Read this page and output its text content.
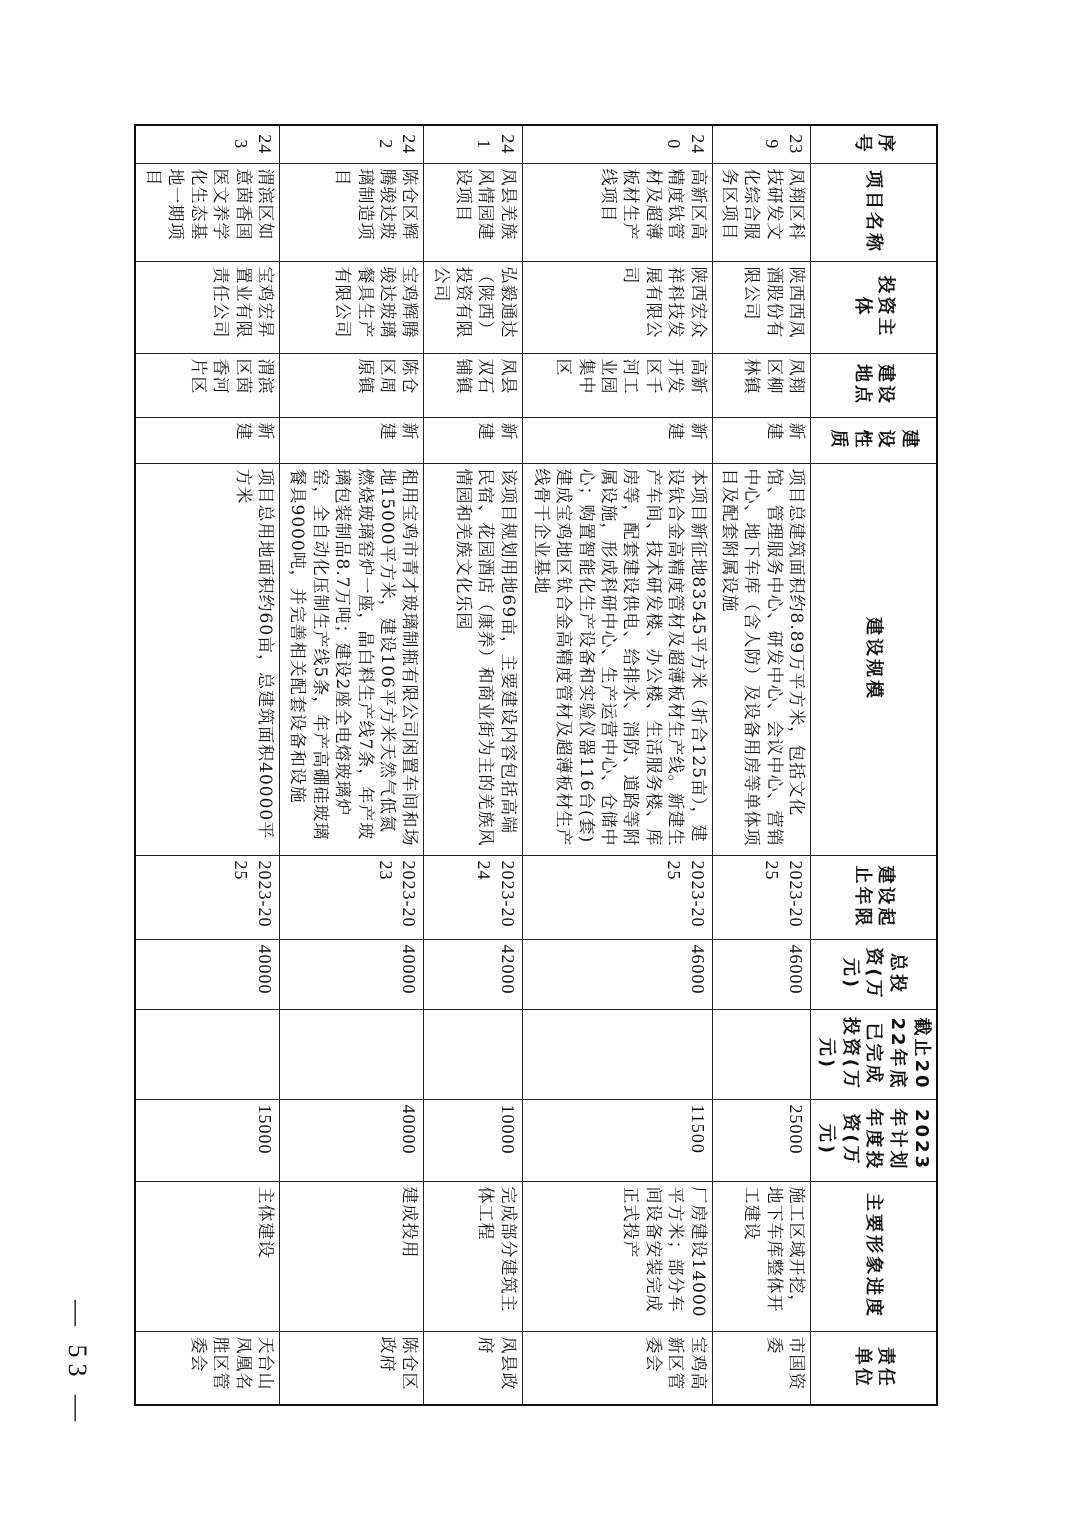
序号	项目名称	投资主体	建设地点	建设性质	建设规模	建设起止年限	总投资(万元)	截止2022年底已完成投资(万元)	2023年计划年度投资(万元)	主要形象进度	责任单位
239	凤翔区科技研发文化综合服务区项目	陕西西凤酒股份有限公司	凤翔区柳林镇	新建	项目总建筑面积约8.89万平方米，包括文化馆、管理服务中心、研发中心、会议中心、营销中心、地下车库（含人防）及设备用房等单体项目及配套附属设施	2023-2025	46000		25000	施工区域开挖，地下车库整体开工建设	市国资委
240	高新区高精度钛管材及超薄板材生产线项目	陕西宏众祥科技发展有限公司	高新开发区千河工业园集中区	新建	本项目新征地83545平方米（折合125亩），建设钛合金高精度管材及超薄板材生产线。新建生产车间、技术研发楼、办公楼、生活服务楼、库房等，配套建设供电、给排水、消防、道路等附属设施，形成科研中心、生产运营中心、仓储中心；购置智能化生产设备和实验仪器116台(套)建成宝鸡地区钛合金高精度管材及超薄板材生产线骨干企业基地	2023-2025	46000		11500	厂房建设14000平方米；部分车间设备安装完成正式投产	宝鸡高新区管委会
241	凤县羌族风情园建设项目	弘毅通达（陕西）投资有限公司	凤县双石铺镇	新建	该项目规划用地69亩，主要建设内容包括高端民宿、花园酒店（康养）和商业街为主的羌族风情园和羌族文化乐园	2023-2024	42000		10000	完成部分建筑主体工程	凤县政府
242	陈仓区辉腾骏达玻璃制造项目	宝鸡辉腾骏达玻璃餐具生产有限公司	陈仓区周原镇	新建	租用宝鸡市青才玻璃制瓶有限公司闲置车间和场地15000平方米，建设106平方米天然气低氮燃烧玻璃窑炉一座，晶白料生产线7条，年产玻璃包装制品8.7万吨；建设2座全电熔玻璃炉窑，全自动化压制生产线5条，年产高硼硅玻璃餐具9000吨，并完善相关配套设备和设施	2023-2023	40000		40000	建成投用	陈仓区政府
243	渭滨区如意茵香国医文养学化生态基地一期项目	宝鸡宏昇置业有限责任公司	渭滨区茵香河片区	新建	项目总用地面积约60亩，总建筑面积40000平方米	2023-2025	40000		15000	主体建设	天台山凤凰名胜区管委会
— 53 —
